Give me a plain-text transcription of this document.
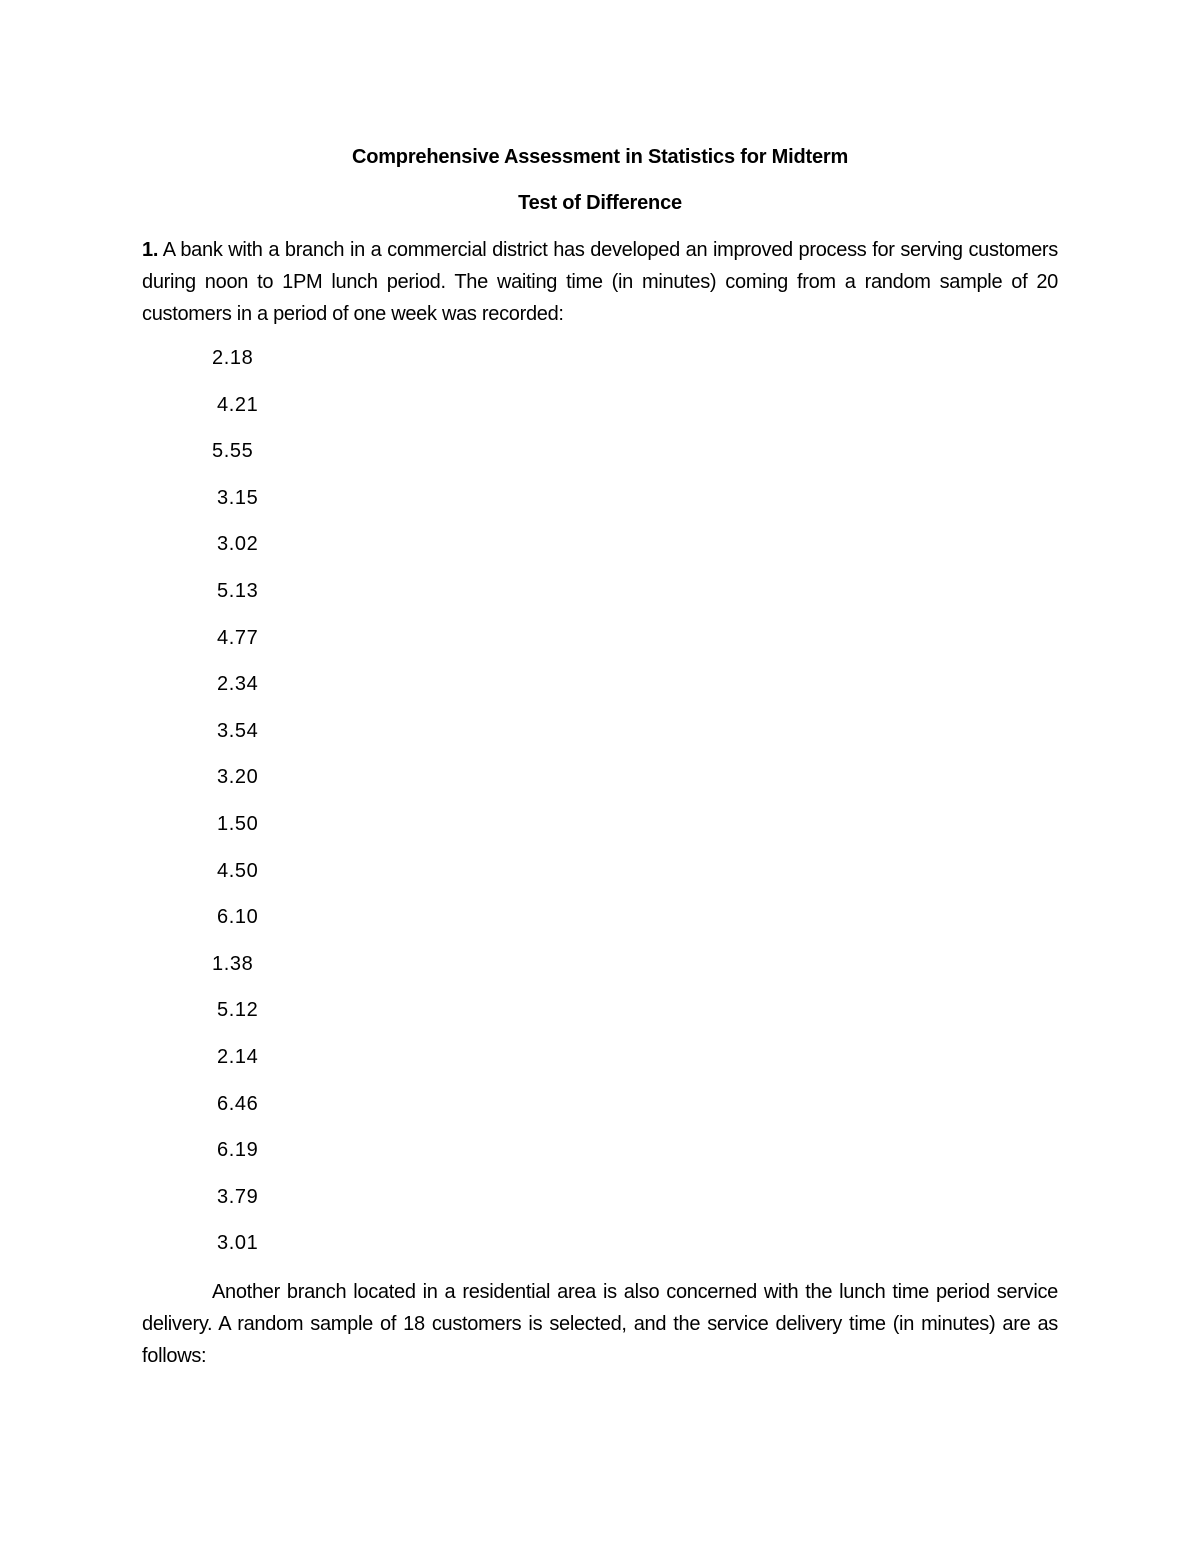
Comprehensive Assessment in Statistics for Midterm
Test of Difference
1. A bank with a branch in a commercial district has developed an improved process for serving customers during noon to 1PM lunch period. The waiting time (in minutes) coming from a random sample of 20 customers in a period of one week was recorded:
2.18
4.21
5.55
3.15
3.02
5.13
4.77
2.34
3.54
3.20
1.50
4.50
6.10
1.38
5.12
2.14
6.46
6.19
3.79
3.01
Another branch located in a residential area is also concerned with the lunch time period service delivery. A random sample of 18 customers is selected, and the service delivery time (in minutes) are as follows:
